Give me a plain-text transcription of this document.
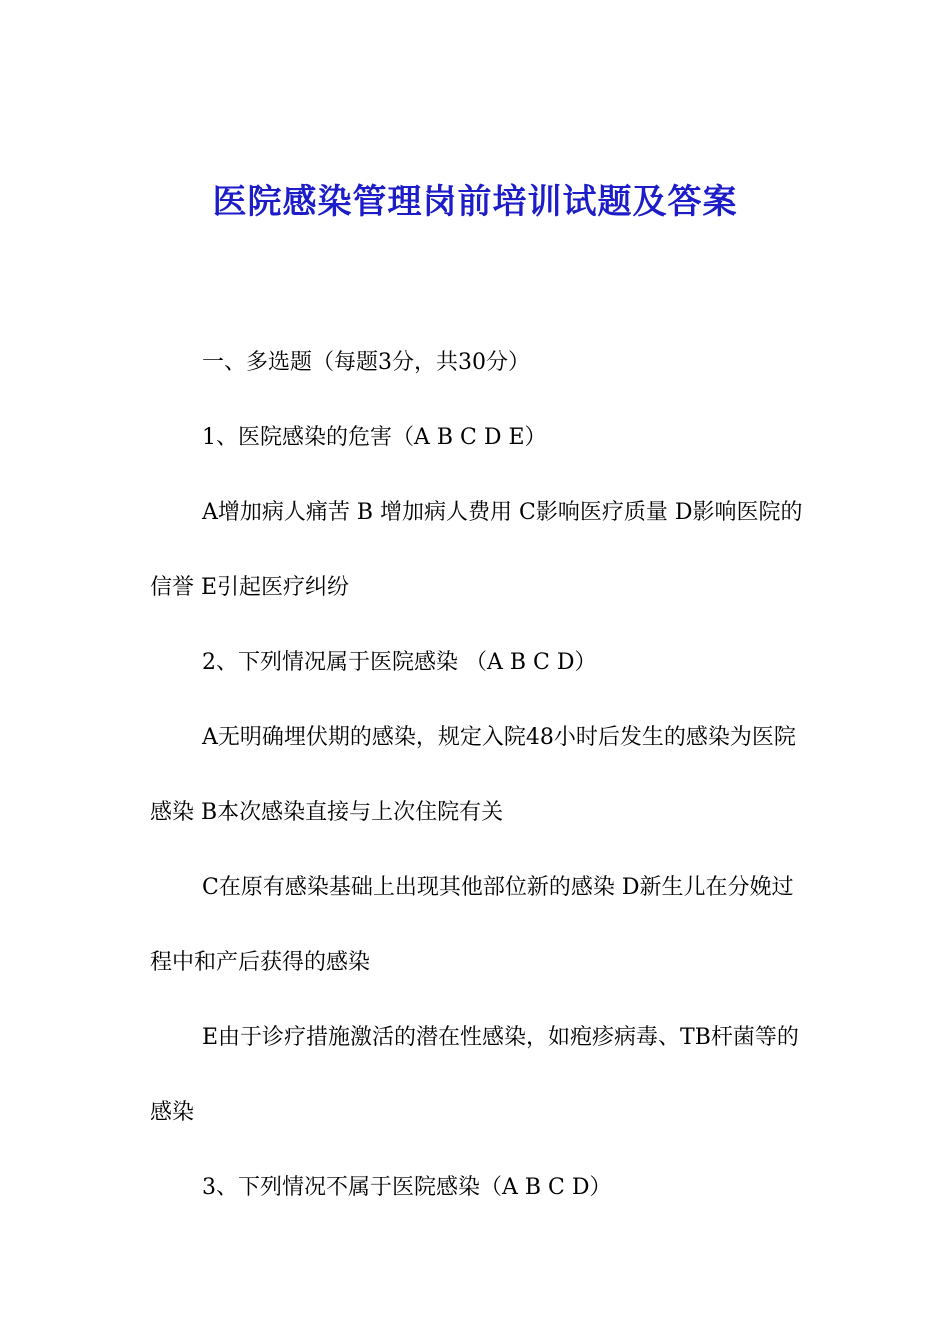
医院感染管理岗前培训试题及答案

一、多选题（每题3分，共30分）

1、医院感染的危害（A B C D E）

A增加病人痛苦 B 增加病人费用 C影响医疗质量 D影响医院的信誉 E引起医疗纠纷

2、下列情况属于医院感染 （A B C D）

A无明确埋伏期的感染，规定入院48小时后发生的感染为医院感染 B本次感染直接与上次住院有关

C在原有感染基础上出现其他部位新的感染 D新生儿在分娩过程中和产后获得的感染

E由于诊疗措施激活的潜在性感染，如疱疹病毒、TB杆菌等的感染

3、下列情况不属于医院感染（A B C D）
